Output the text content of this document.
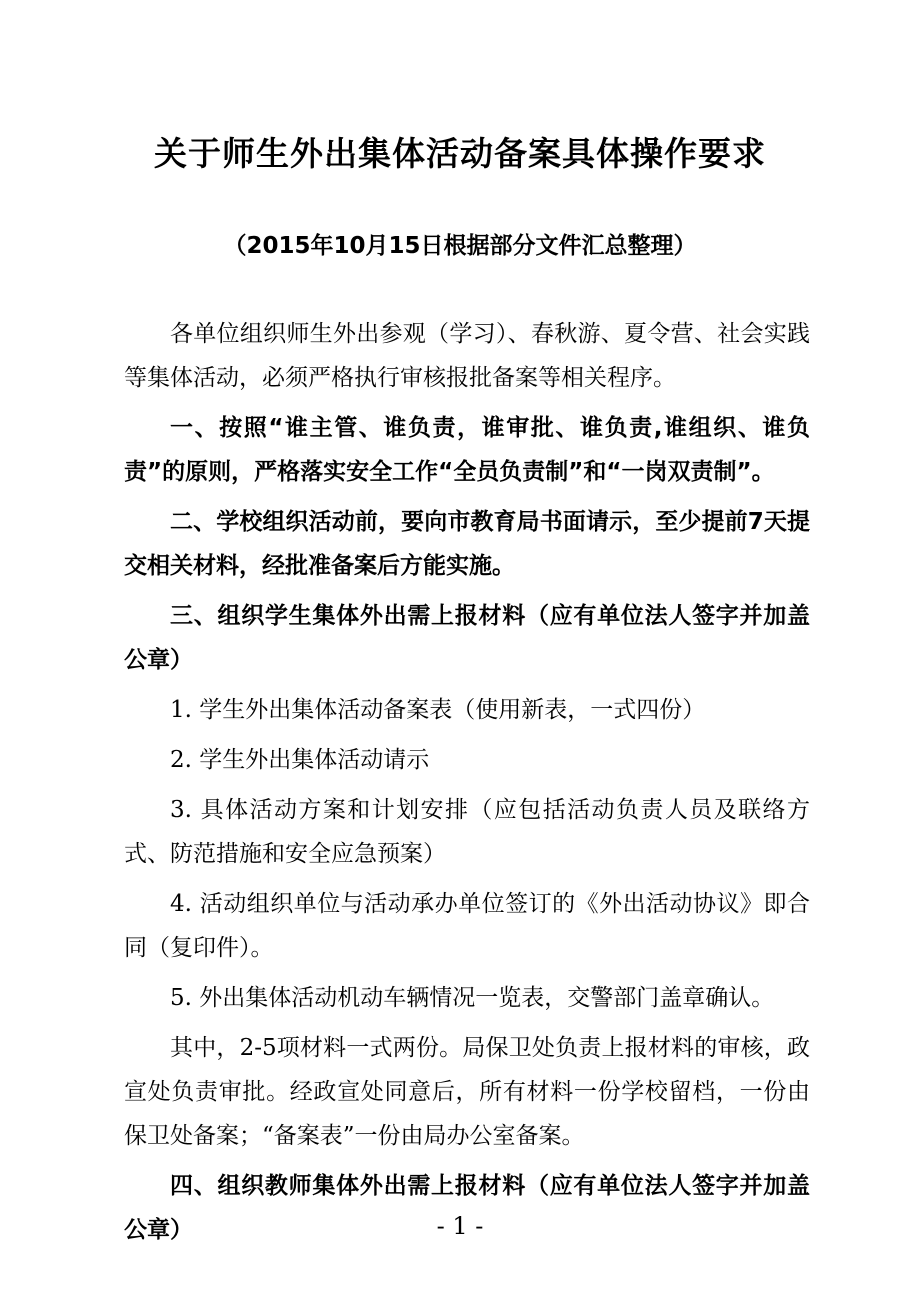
关于师生外出集体活动备案具体操作要求
（2015年10月15日根据部分文件汇总整理）

各单位组织师生外出参观（学习）、春秋游、夏令营、社会实践等集体活动，必须严格执行审核报批备案等相关程序。

一、按照“谁主管、谁负责，谁审批、谁负责,谁组织、谁负责”的原则，严格落实安全工作“全员负责制”和“一岗双责制”。

二、学校组织活动前，要向市教育局书面请示，至少提前7天提交相关材料，经批准备案后方能实施。

三、组织学生集体外出需上报材料（应有单位法人签字并加盖公章）

1. 学生外出集体活动备案表（使用新表，一式四份）

2. 学生外出集体活动请示

3. 具体活动方案和计划安排（应包括活动负责人员及联络方式、防范措施和安全应急预案）

4. 活动组织单位与活动承办单位签订的《外出活动协议》即合同（复印件）。

5. 外出集体活动机动车辆情况一览表，交警部门盖章确认。

其中，2-5项材料一式两份。局保卫处负责上报材料的审核，政宣处负责审批。经政宣处同意后，所有材料一份学校留档，一份由保卫处备案；“备案表”一份由局办公室备案。

四、组织教师集体外出需上报材料（应有单位法人签字并加盖公章）	- 1 -
